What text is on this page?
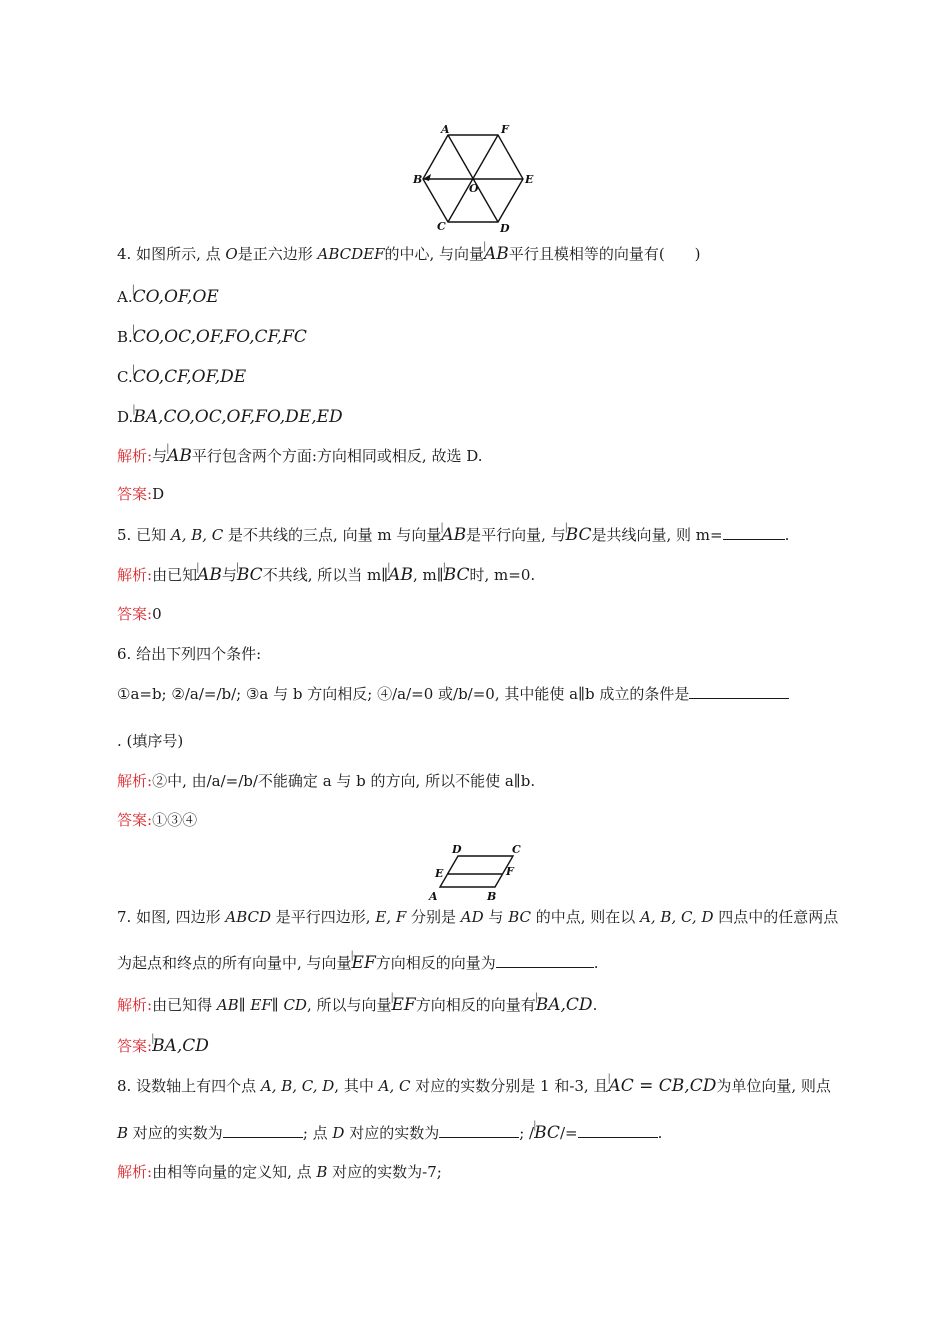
A	F
B
O
E
C	D
4. 如图所示, 点 O是正六边形 ABCDEF的中心, 与向量| AB平行且模相等的向量有(　　)
A.| CO,OF,OE
B.| CO,OC,OF,FO,CF,FC
C.| CO,CF,OF,DE
D.| BA,CO,OC,OF,FO,DE,ED
解析:与| AB平行包含两个方面:方向相同或相反, 故选 D.
答案:D
5. 已知 A, B, C 是不共线的三点, 向量 m 与向量| AB是平行向量, 与| BC是共线向量, 则 m=	.
解析:由已知| AB与| BC不共线, 所以当 m∥| AB, m∥| BC时, m=0.
答案:0
6. 给出下列四个条件:
①a=b; ②/a/=/b/; ③a 与 b 方向相反; ④/a/=0 或/b/=0, 其中能使 a∥b 成立的条件是
. (填序号)
解析:②中, 由/a/=/b/不能确定 a 与 b 的方向, 所以不能使 a∥b.
答案:①③④
D	C
E	F
A	B
7. 如图, 四边形 ABCD 是平行四边形, E, F 分别是 AD 与 BC 的中点, 则在以 A, B, C, D 四点中的任意两点
为起点和终点的所有向量中, 与向量| EF方向相反的向量为	.
解析:由已知得 AB∥ EF∥ CD, 所以与向量| EF方向相反的向量有| BA,CD.
答案:| BA,CD
8. 设数轴上有四个点 A, B, C, D, 其中 A, C 对应的实数分别是 1 和-3, 且| AC = CB,CD为单位向量, 则点
B 对应的实数为	; 点 D 对应的实数为	; /| BC/=	.
解析:由相等向量的定义知, 点 B 对应的实数为-7;
